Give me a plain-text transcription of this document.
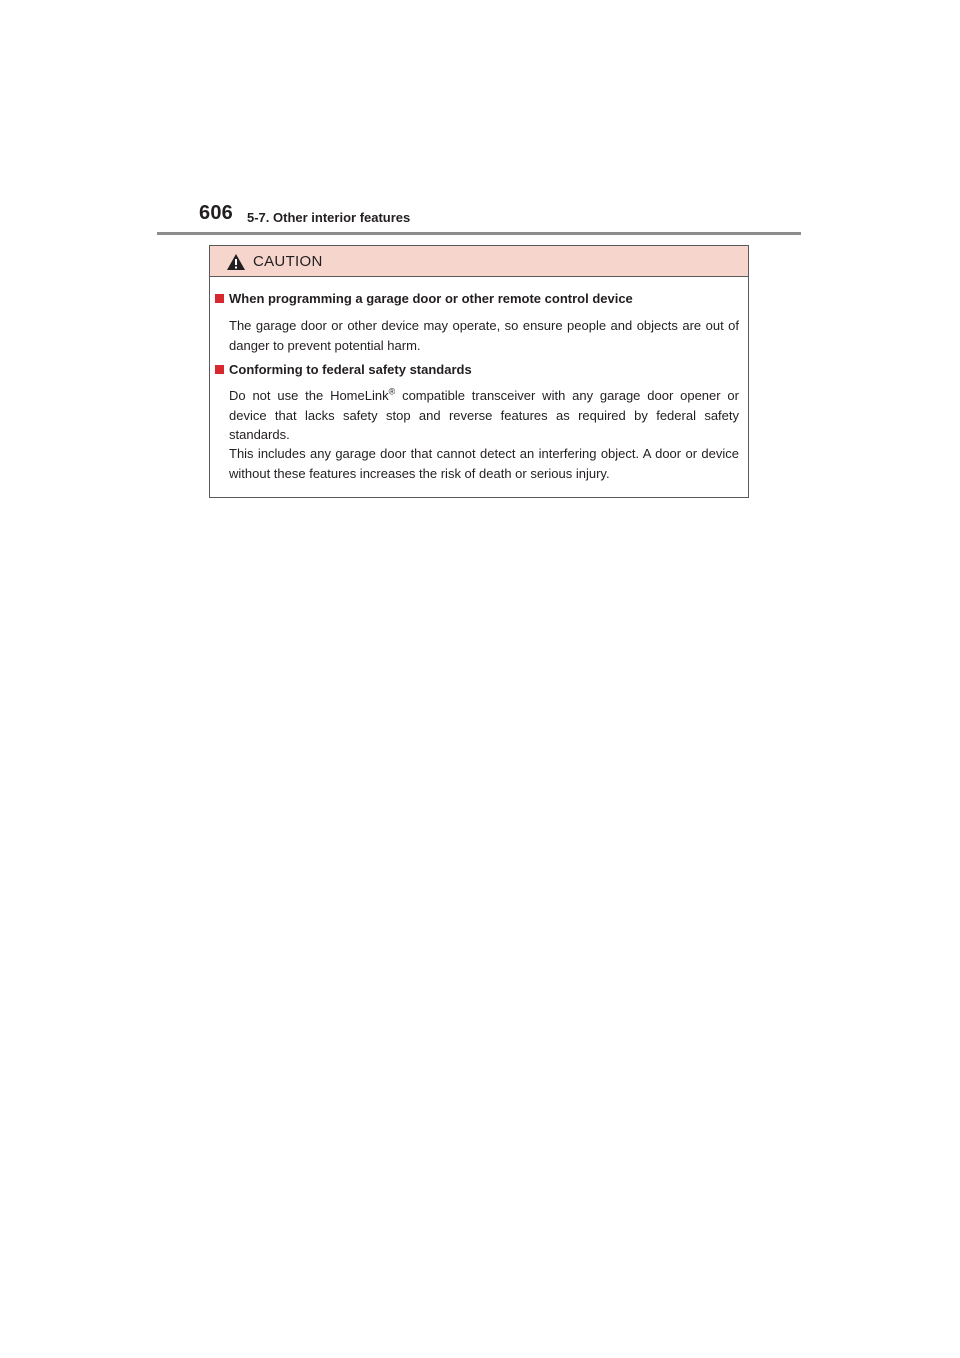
606 5-7. Other interior features
CAUTION
When programming a garage door or other remote control device
The garage door or other device may operate, so ensure people and objects are out of danger to prevent potential harm.
Conforming to federal safety standards
Do not use the HomeLink® compatible transceiver with any garage door opener or device that lacks safety stop and reverse features as required by federal safety standards.
This includes any garage door that cannot detect an interfering object. A door or device without these features increases the risk of death or serious injury.
